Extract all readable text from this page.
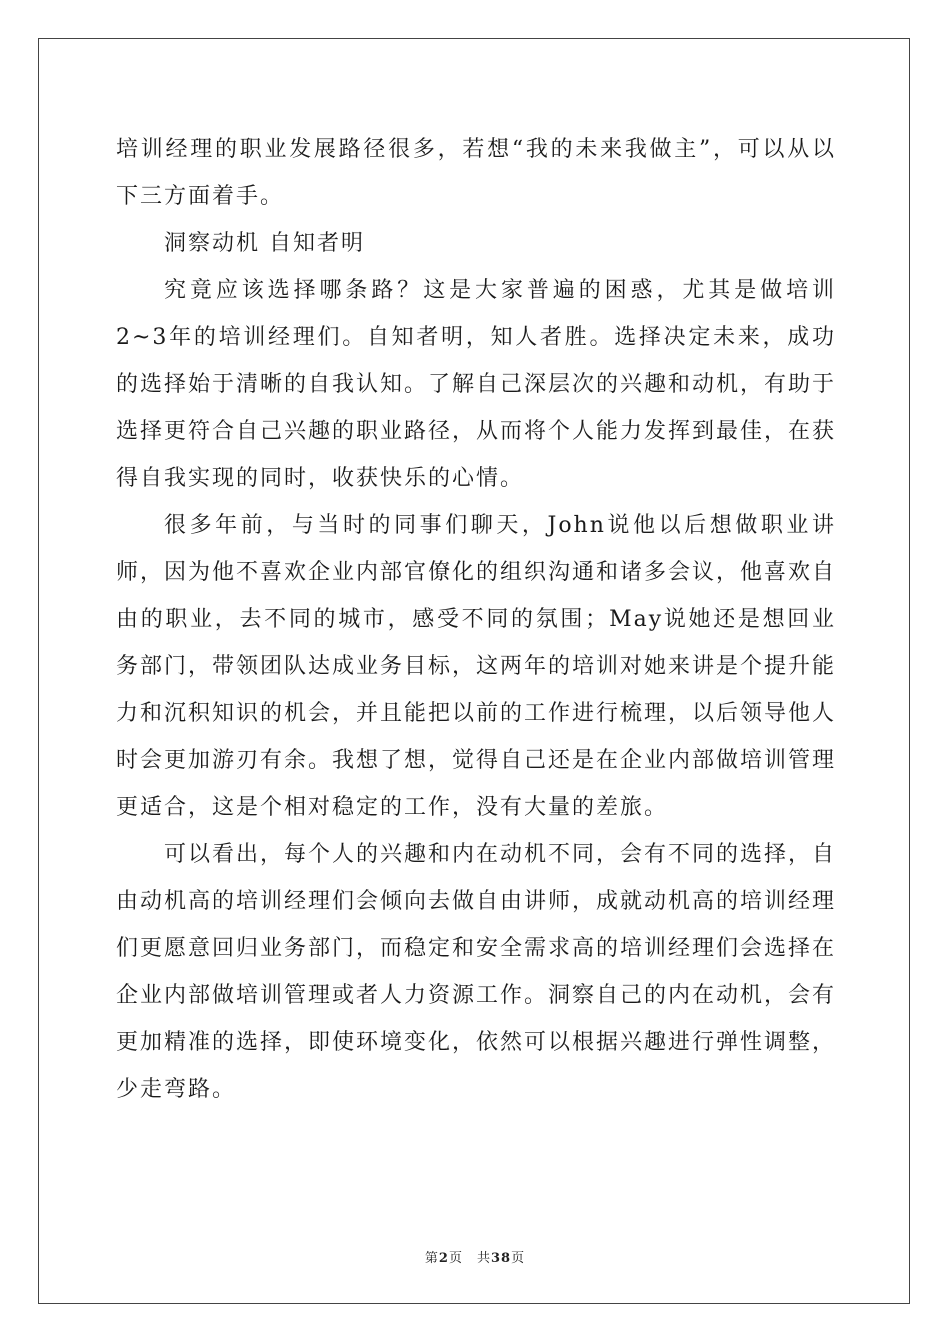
培训经理的职业发展路径很多，若想“我的未来我做主”，可以从以下三方面着手。

洞察动机 自知者明

究竟应该选择哪条路？这是大家普遍的困惑，尤其是做培训2~3年的培训经理们。自知者明，知人者胜。选择决定未来，成功的选择始于清晰的自我认知。了解自己深层次的兴趣和动机，有助于选择更符合自己兴趣的职业路径，从而将个人能力发挥到最佳，在获得自我实现的同时，收获快乐的心情。

很多年前，与当时的同事们聊天，John说他以后想做职业讲师，因为他不喜欢企业内部官僚化的组织沟通和诸多会议，他喜欢自由的职业，去不同的城市，感受不同的氛围；May说她还是想回业务部门，带领团队达成业务目标，这两年的培训对她来讲是个提升能力和沉积知识的机会，并且能把以前的工作进行梳理，以后领导他人时会更加游刃有余。我想了想，觉得自己还是在企业内部做培训管理更适合，这是个相对稳定的工作，没有大量的差旅。

可以看出，每个人的兴趣和内在动机不同，会有不同的选择，自由动机高的培训经理们会倾向去做自由讲师，成就动机高的培训经理们更愿意回归业务部门，而稳定和安全需求高的培训经理们会选择在企业内部做培训管理或者人力资源工作。洞察自己的内在动机，会有更加精准的选择，即使环境变化，依然可以根据兴趣进行弹性调整，少走弯路。

第2页 共38页
